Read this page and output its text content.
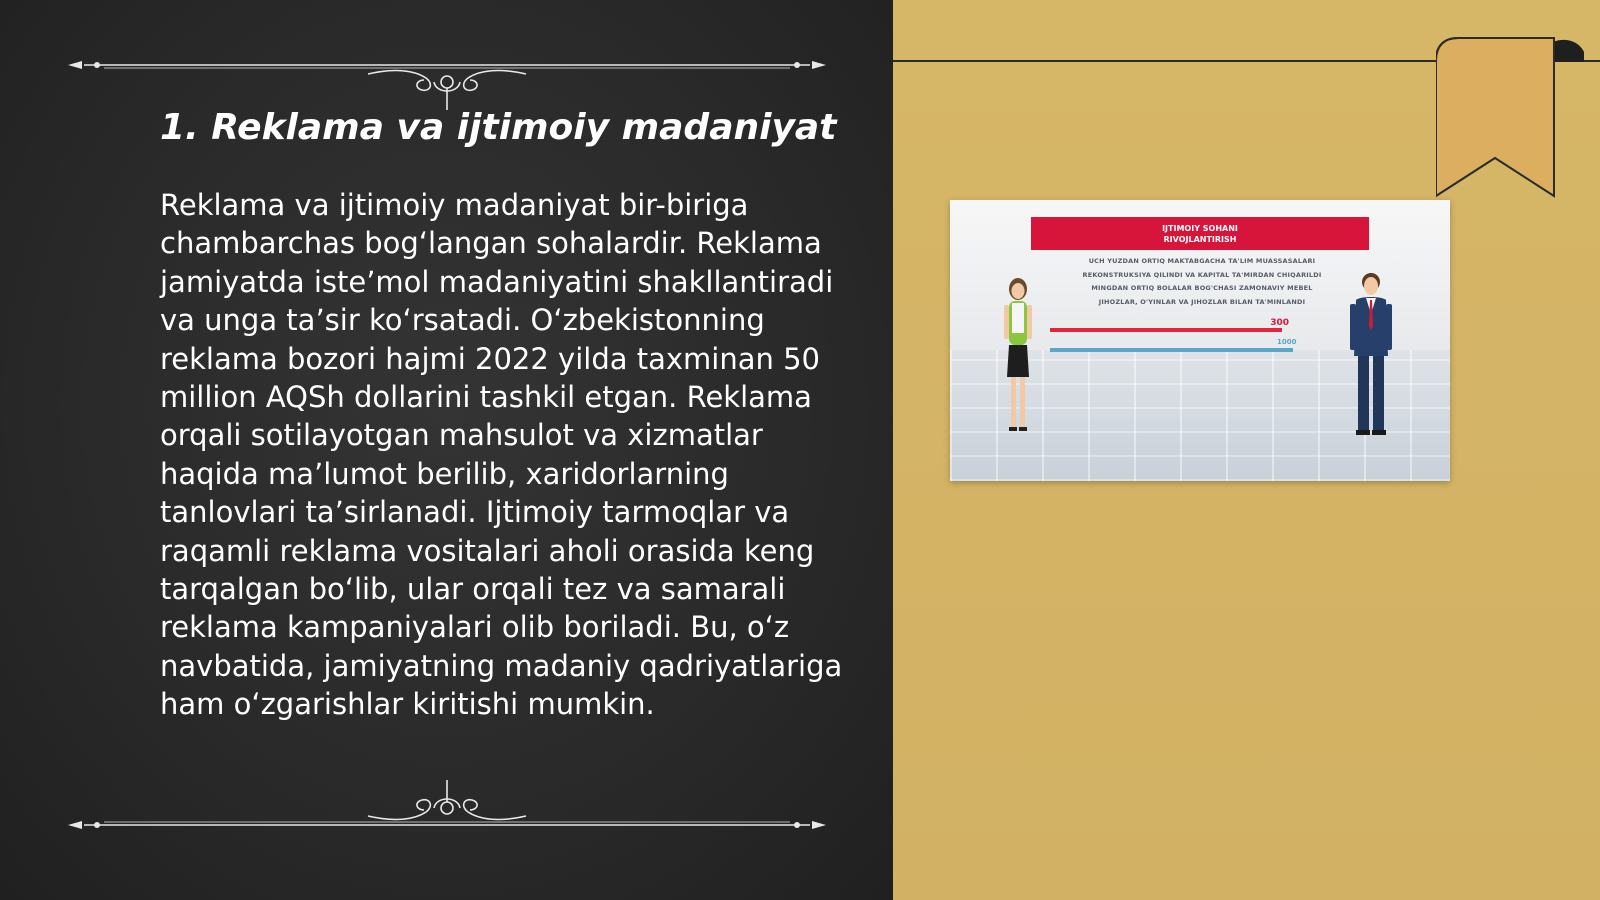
1. Reklama va ijtimoiy madaniyat

Reklama va ijtimoiy madaniyat bir-biriga chambarchas bog‘langan sohalardir. Reklama jamiyatda iste’mol madaniyatini shakllantiradi va unga ta’sir ko‘rsatadi. O‘zbekistonning reklama bozori hajmi 2022 yilda taxminan 50 million AQSh dollarini tashkil etgan. Reklama orqali sotilayotgan mahsulot va xizmatlar haqida ma’lumot berilib, xaridorlarning tanlovlari ta’sirlanadi. Ijtimoiy tarmoqlar va raqamli reklama vositalari aholi orasida keng tarqalgan bo‘lib, ular orqali tez va samarali reklama kampaniyalari olib boriladi. Bu, o‘z navbatida, jamiyatning madaniy qadriyatlariga ham o‘zgarishlar kiritishi mumkin.

IJTIMOIY SOHANI
RIVOJLANTIRISH
UCH YUZDAN ORTIQ MAKTABGACHA TA'LIM MUASSASALARI
REKONSTRUKSIYA QILINDI VA KAPITAL TA'MIRDAN CHIQARILDI
MINGDAN ORTIQ BOLALAR BOG'CHASI ZAMONAVIY MEBEL
JIHOZLAR, O'YINLAR VA JIHOZLAR BILAN TA'MINLANDI
300
1000
